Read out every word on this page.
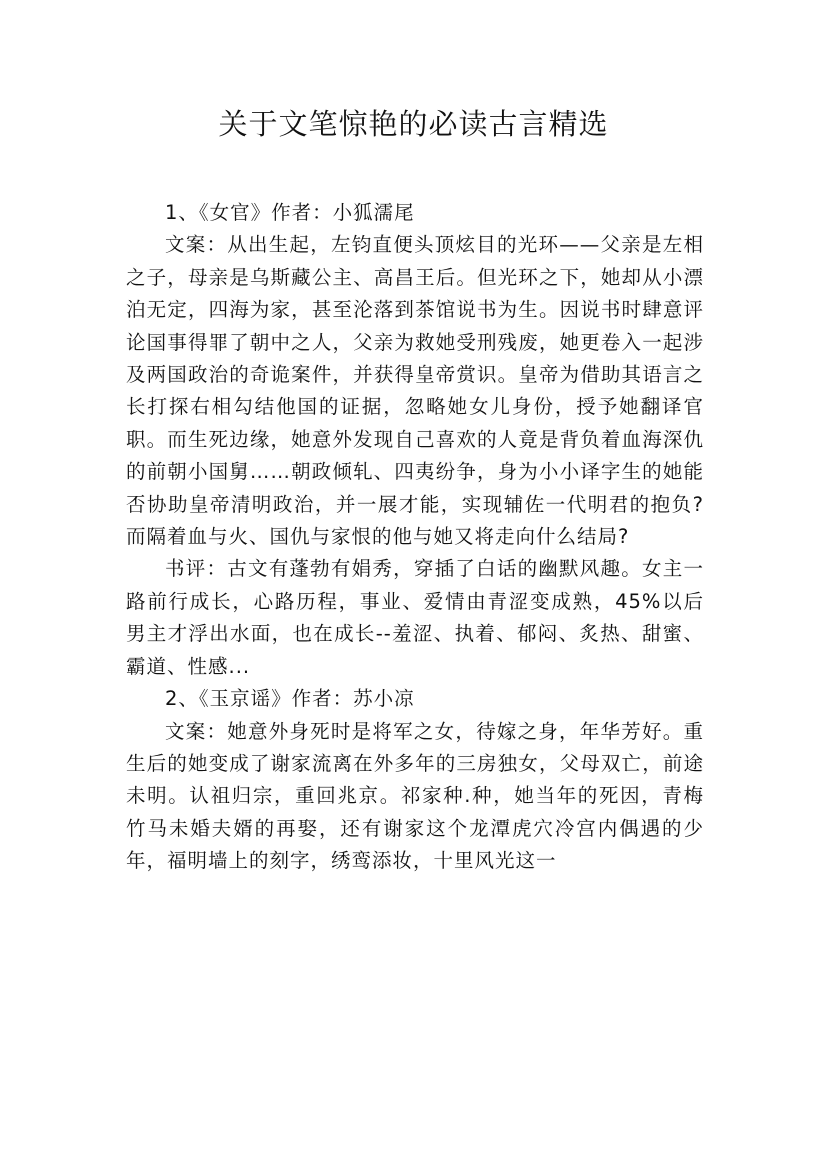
关于文笔惊艳的必读古言精选

1、《女官》作者：小狐濡尾

文案：从出生起，左钧直便头顶炫目的光环——父亲是左相之子，母亲是乌斯藏公主、高昌王后。但光环之下，她却从小漂泊无定，四海为家，甚至沦落到茶馆说书为生。因说书时肆意评论国事得罪了朝中之人，父亲为救她受刑残废，她更卷入一起涉及两国政治的奇诡案件，并获得皇帝赏识。皇帝为借助其语言之长打探右相勾结他国的证据，忽略她女儿身份，授予她翻译官职。而生死边缘，她意外发现自己喜欢的人竟是背负着血海深仇的前朝小国舅……朝政倾轧、四夷纷争，身为小小译字生的她能否协助皇帝清明政治，并一展才能，实现辅佐一代明君的抱负?而隔着血与火、国仇与家恨的他与她又将走向什么结局?

书评：古文有蓬勃有娟秀，穿插了白话的幽默风趣。女主一路前行成长，心路历程，事业、爱情由青涩变成熟，45%以后男主才浮出水面，也在成长--羞涩、执着、郁闷、炙热、甜蜜、霸道、性感...

2、《玉京谣》作者：苏小凉

文案：她意外身死时是将军之女，待嫁之身，年华芳好。重生后的她变成了谢家流离在外多年的三房独女，父母双亡，前途未明。认祖归宗，重回兆京。祁家种.种，她当年的死因，青梅竹马未婚夫婿的再娶，还有谢家这个龙潭虎穴冷宫内偶遇的少年，福明墙上的刻字，绣鸾添妆，十里风光这一
